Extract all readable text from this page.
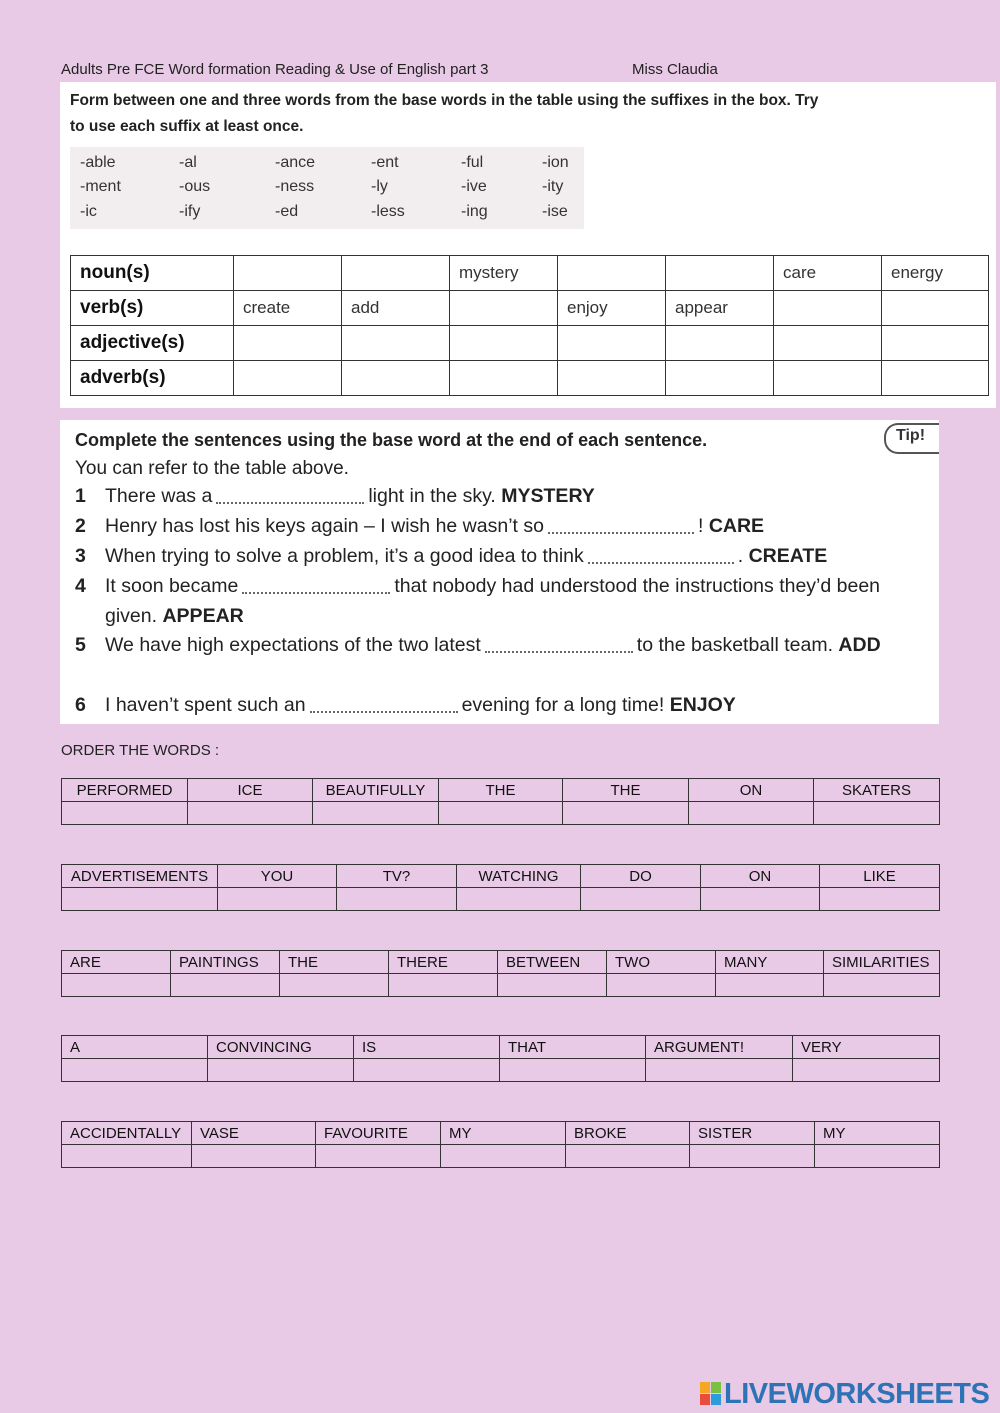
Adults Pre FCE Word formation Reading & Use of English part 3	Miss Claudia
Form between one and three words from the base words in the table using the suffixes in the box. Try to use each suffix at least once.
-able	-al	-ance	-ent	-ful	-ion
-ment	-ous	-ness	-ly	-ive	-ity
-ic	-ify	-ed	-less	-ing	-ise
noun(s)			mystery			care	energy
verb(s)	create	add		enjoy	appear		
adjective(s)							
adverb(s)							
Tip!
Complete the sentences using the base word at the end of each sentence.
You can refer to the table above.
1 There was a	light in the sky. MYSTERY
2 Henry has lost his keys again – I wish he wasn’t so	! CARE
3 When trying to solve a problem, it’s a good idea to think	. CREATE
4 It soon became	that nobody had understood the instructions they’d been given. APPEAR
5 We have high expectations of the two latest	to the basketball team. ADD
6 I haven’t spent such an	evening for a long time! ENJOY
ORDER THE WORDS :
PERFORMED	ICE	BEAUTIFULLY	THE	THE	ON	SKATERS

ADVERTISEMENTS	YOU	TV?	WATCHING	DO	ON	LIKE

ARE	PAINTINGS	THE	THERE	BETWEEN	TWO	MANY	SIMILARITIES

A	CONVINCING	IS	THAT	ARGUMENT!	VERY

ACCIDENTALLY	VASE	FAVOURITE	MY	BROKE	SISTER	MY

LIVEWORKSHEETS
